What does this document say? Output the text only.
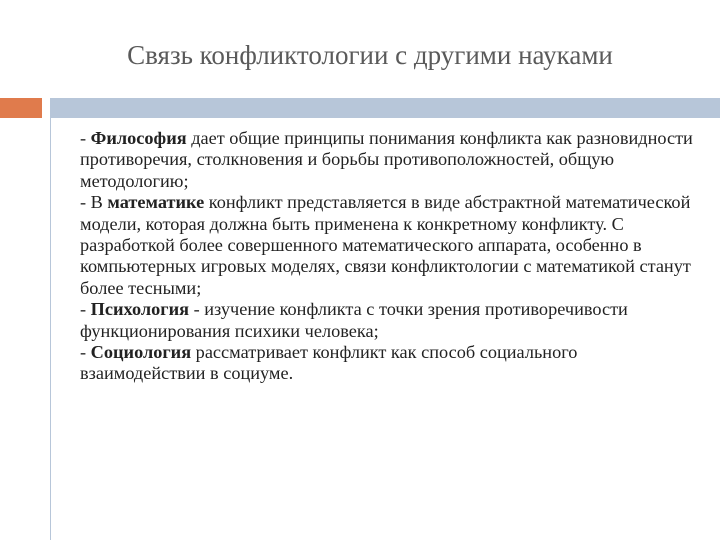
Связь конфликтологии с другими науками

- Философия дает общие принципы понимания конфликта как разновидности противоречия, столкновения и борьбы противоположностей, общую методологию;

- В математике конфликт представляется в виде абстрактной математической модели, которая должна быть применена к конкретному конфликту. С разработкой более совершенного математического аппарата, особенно в компьютерных игровых моделях, связи конфликтологии с математикой станут более тесными;

- Психология - изучение конфликта с точки зрения противоречивости функционирования психики человека;

- Социология рассматривает конфликт как способ социального взаимодействии в социуме.
